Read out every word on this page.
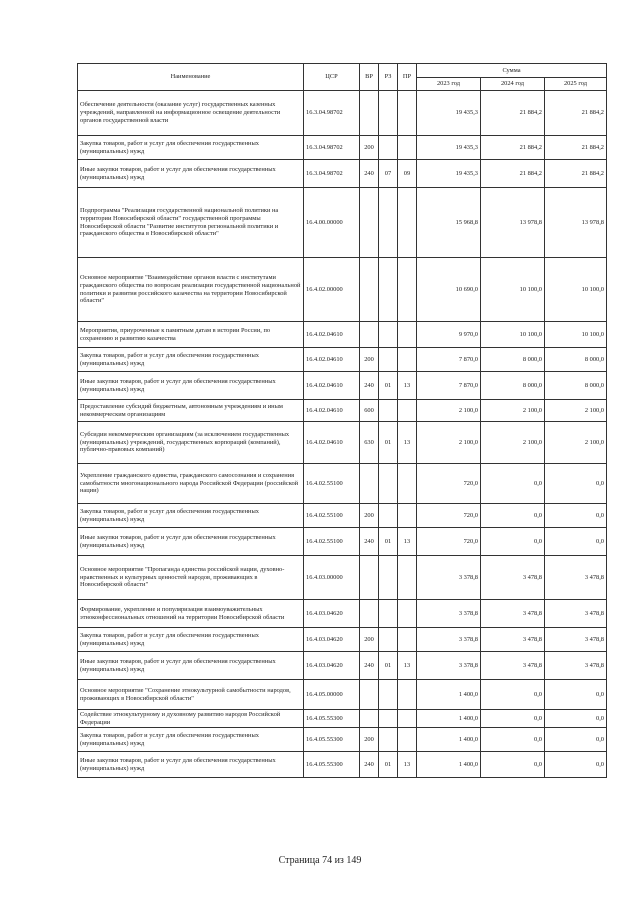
Наименование	ЦСР	ВР	РЗ	ПР	Сумма		
					2023 год	2024 год	2025 год
Обеспечение деятельности (оказание услуг) государственных казенных учреждений, направленной на информационное освещение деятельности органов государственной власти	16.3.04.98702				19 435,3	21 884,2	21 884,2
Закупка товаров, работ и услуг для обеспечения государственных (муниципальных) нужд	16.3.04.98702	200			19 435,3	21 884,2	21 884,2
Иные закупки товаров, работ и услуг для обеспечения государственных (муниципальных) нужд	16.3.04.98702	240	07	09	19 435,3	21 884,2	21 884,2
Подпрограмма "Реализация государственной национальной политики на территории Новосибирской области" государственной программы Новосибирской области "Развитие институтов региональной политики и гражданского общества в Новосибирской области"	16.4.00.00000				15 968,8	13 978,8	13 978,8
Основное мероприятие "Взаимодействие органов власти с институтами гражданского общества по вопросам реализации государственной национальной политики и развития российского казачества на территории Новосибирской области"	16.4.02.00000				10 690,0	10 100,0	10 100,0
Мероприятия, приуроченные к памятным датам в истории России, по сохранению и развитию казачества	16.4.02.04610				9 970,0	10 100,0	10 100,0
Закупка товаров, работ и услуг для обеспечения государственных (муниципальных) нужд	16.4.02.04610	200			7 870,0	8 000,0	8 000,0
Иные закупки товаров, работ и услуг для обеспечения государственных (муниципальных) нужд	16.4.02.04610	240	01	13	7 870,0	8 000,0	8 000,0
Предоставление субсидий бюджетным, автономным учреждениям и иным некоммерческим организациям	16.4.02.04610	600			2 100,0	2 100,0	2 100,0
Субсидии некоммерческим организациям (за исключением государственных (муниципальных) учреждений, государственных корпораций (компаний), публично-правовых компаний)	16.4.02.04610	630	01	13	2 100,0	2 100,0	2 100,0
Укрепление гражданского единства, гражданского самосознания и сохранения самобытности многонационального народа Российской Федерации (российской нации)	16.4.02.55100				720,0	0,0	0,0
Закупка товаров, работ и услуг для обеспечения государственных (муниципальных) нужд	16.4.02.55100	200			720,0	0,0	0,0
Иные закупки товаров, работ и услуг для обеспечения государственных (муниципальных) нужд	16.4.02.55100	240	01	13	720,0	0,0	0,0
Основное мероприятие "Пропаганда единства российской нации, духовно-нравственных и культурных ценностей народов, проживающих в Новосибирской области"	16.4.03.00000				3 378,8	3 478,8	3 478,8
Формирование, укрепление и популяризация взаимоуважительных этноконфессиональных отношений на территории Новосибирской области	16.4.03.04620				3 378,8	3 478,8	3 478,8
Закупка товаров, работ и услуг для обеспечения государственных (муниципальных) нужд	16.4.03.04620	200			3 378,8	3 478,8	3 478,8
Иные закупки товаров, работ и услуг для обеспечения государственных (муниципальных) нужд	16.4.03.04620	240	01	13	3 378,8	3 478,8	3 478,8
Основное мероприятие "Сохранение этнокультурной самобытности народов, проживающих в Новосибирской области"	16.4.05.00000				1 400,0	0,0	0,0
Содействие этнокультурному и духовному развитию народов Российской Федерации	16.4.05.55300				1 400,0	0,0	0,0
Закупка товаров, работ и услуг для обеспечения государственных (муниципальных) нужд	16.4.05.55300	200			1 400,0	0,0	0,0
Иные закупки товаров, работ и услуг для обеспечения государственных (муниципальных) нужд	16.4.05.55300	240	01	13	1 400,0	0,0	0,0
Страница 74 из 149
